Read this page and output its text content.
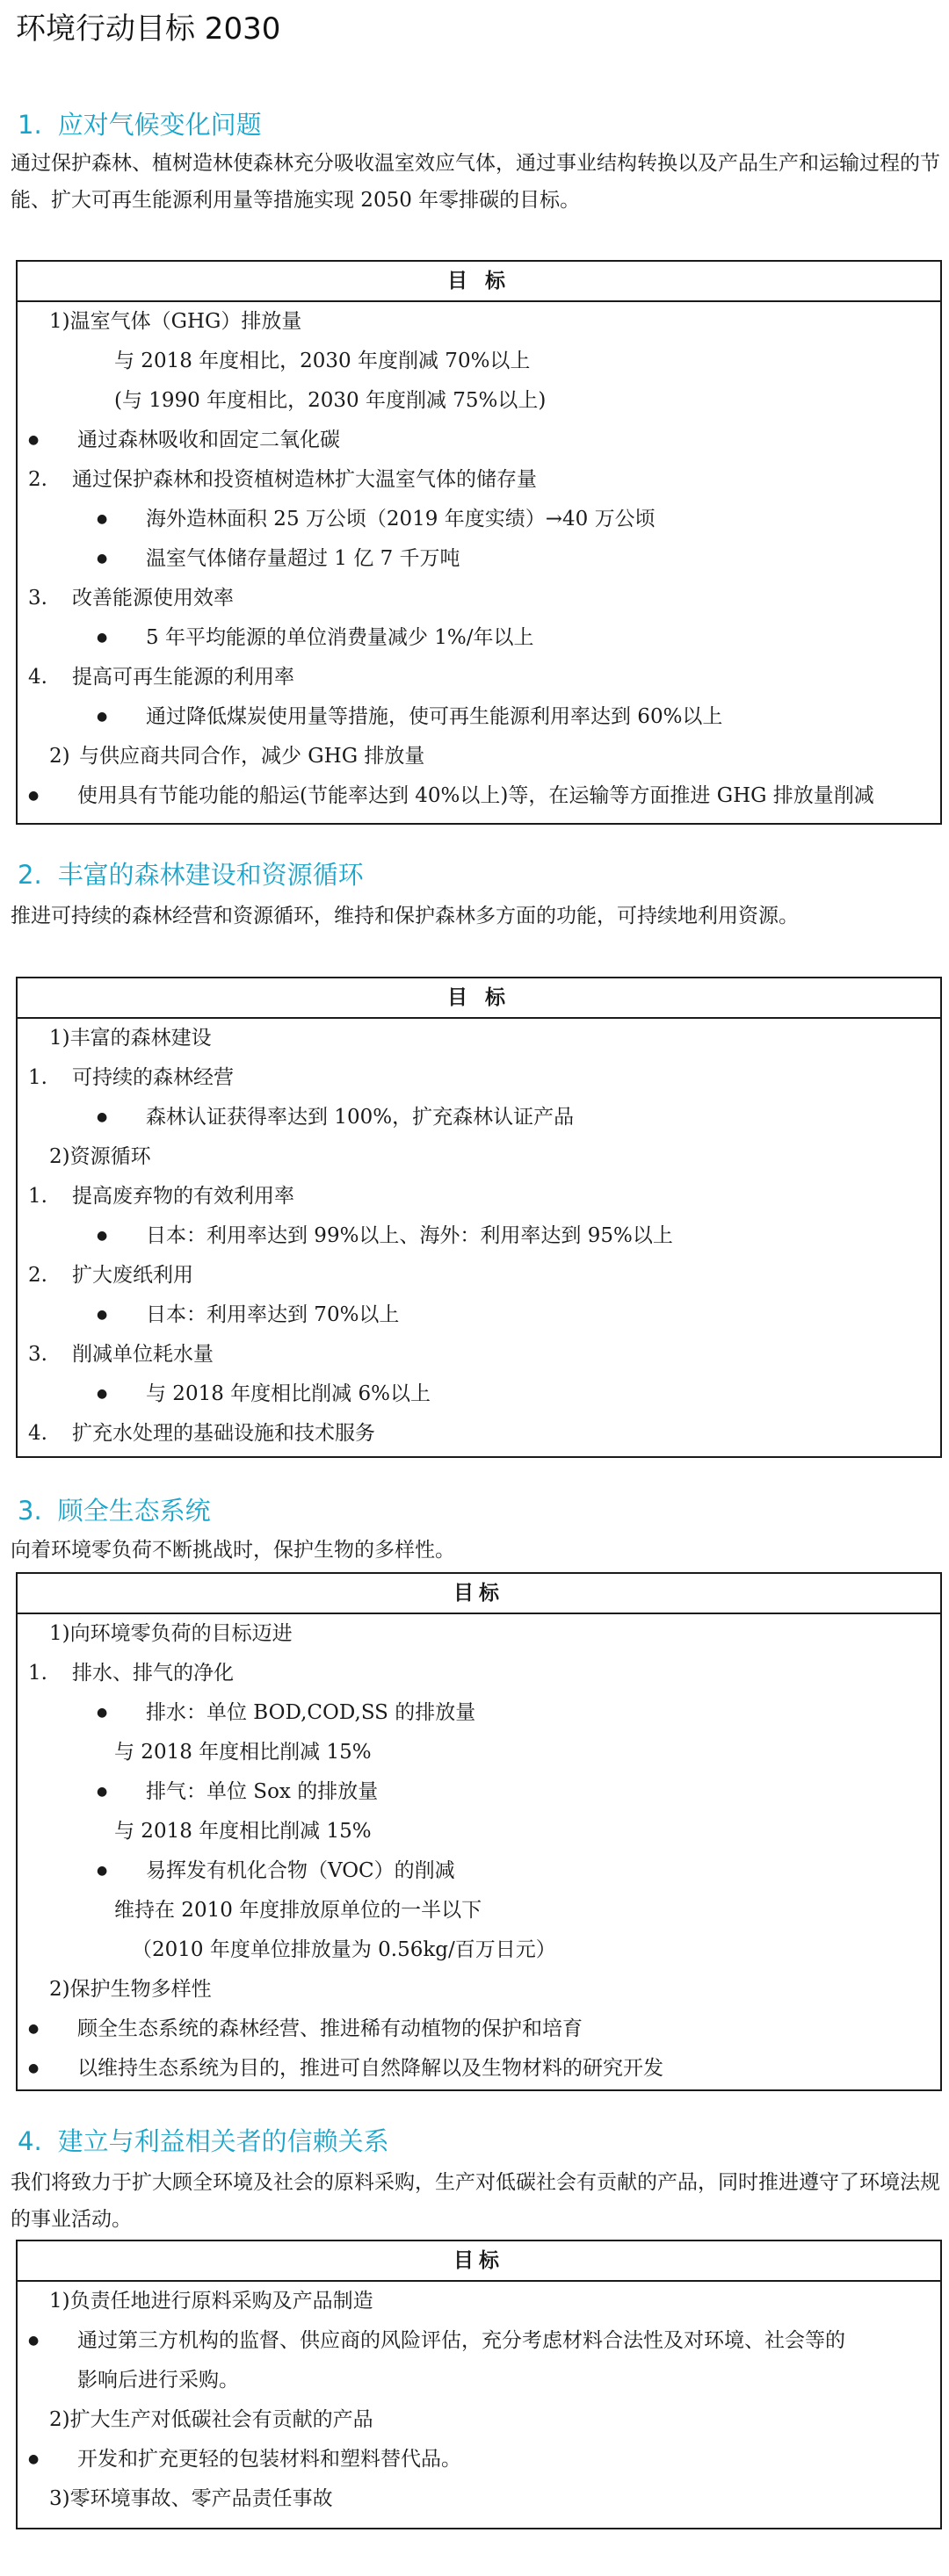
环境行动目标 2030
1. 应对气候变化问题
通过保护森林、植树造林使森林充分吸收温室效应气体，通过事业结构转换以及产品生产和运输过程的节能、扩大可再生能源利用量等措施实现 2050 年零排碳的目标。
目 标
1)温室气体（GHG）排放量
与 2018 年度相比，2030 年度削减 70%以上
(与 1990 年度相比，2030 年度削减 75%以上)
●通过森林吸收和固定二氧化碳
2. 通过保护森林和投资植树造林扩大温室气体的储存量
●海外造林面积 25 万公顷（2019 年度实绩）→40 万公顷
●温室气体储存量超过 1 亿 7 千万吨
3. 改善能源使用效率
●5 年平均能源的单位消费量减少 1%/年以上
4. 提高可再生能源的利用率
●通过降低煤炭使用量等措施，使可再生能源利用率达到 60%以上
2) 与供应商共同合作，减少 GHG 排放量
●使用具有节能功能的船运(节能率达到 40%以上)等，在运输等方面推进 GHG 排放量削减
2. 丰富的森林建设和资源循环
推进可持续的森林经营和资源循环，维持和保护森林多方面的功能，可持续地利用资源。
目 标
1)丰富的森林建设
1. 可持续的森林经营
●森林认证获得率达到 100%，扩充森林认证产品
2)资源循环
1. 提高废弃物的有效利用率
●日本：利用率达到 99%以上、海外：利用率达到 95%以上
2. 扩大废纸利用
●日本：利用率达到 70%以上
3. 削减单位耗水量
●与 2018 年度相比削减 6%以上
4. 扩充水处理的基础设施和技术服务
3. 顾全生态系统
向着环境零负荷不断挑战时，保护生物的多样性。
目标
1)向环境零负荷的目标迈进
1. 排水、排气的净化
●排水：单位 BOD,COD,SS 的排放量
与 2018 年度相比削减 15%
●排气：单位 Sox 的排放量
与 2018 年度相比削减 15%
●易挥发有机化合物（VOC）的削减
维持在 2010 年度排放原单位的一半以下
（2010 年度单位排放量为 0.56kg/百万日元）
2)保护生物多样性
●顾全生态系统的森林经营、推进稀有动植物的保护和培育
●以维持生态系统为目的，推进可自然降解以及生物材料的研究开发
4. 建立与利益相关者的信赖关系
我们将致力于扩大顾全环境及社会的原料采购，生产对低碳社会有贡献的产品，同时推进遵守了环境法规的事业活动。
目标
1)负责任地进行原料采购及产品制造
●通过第三方机构的监督、供应商的风险评估，充分考虑材料合法性及对环境、社会等的
影响后进行采购。
2)扩大生产对低碳社会有贡献的产品
●开发和扩充更轻的包装材料和塑料替代品。
3)零环境事故、零产品责任事故
